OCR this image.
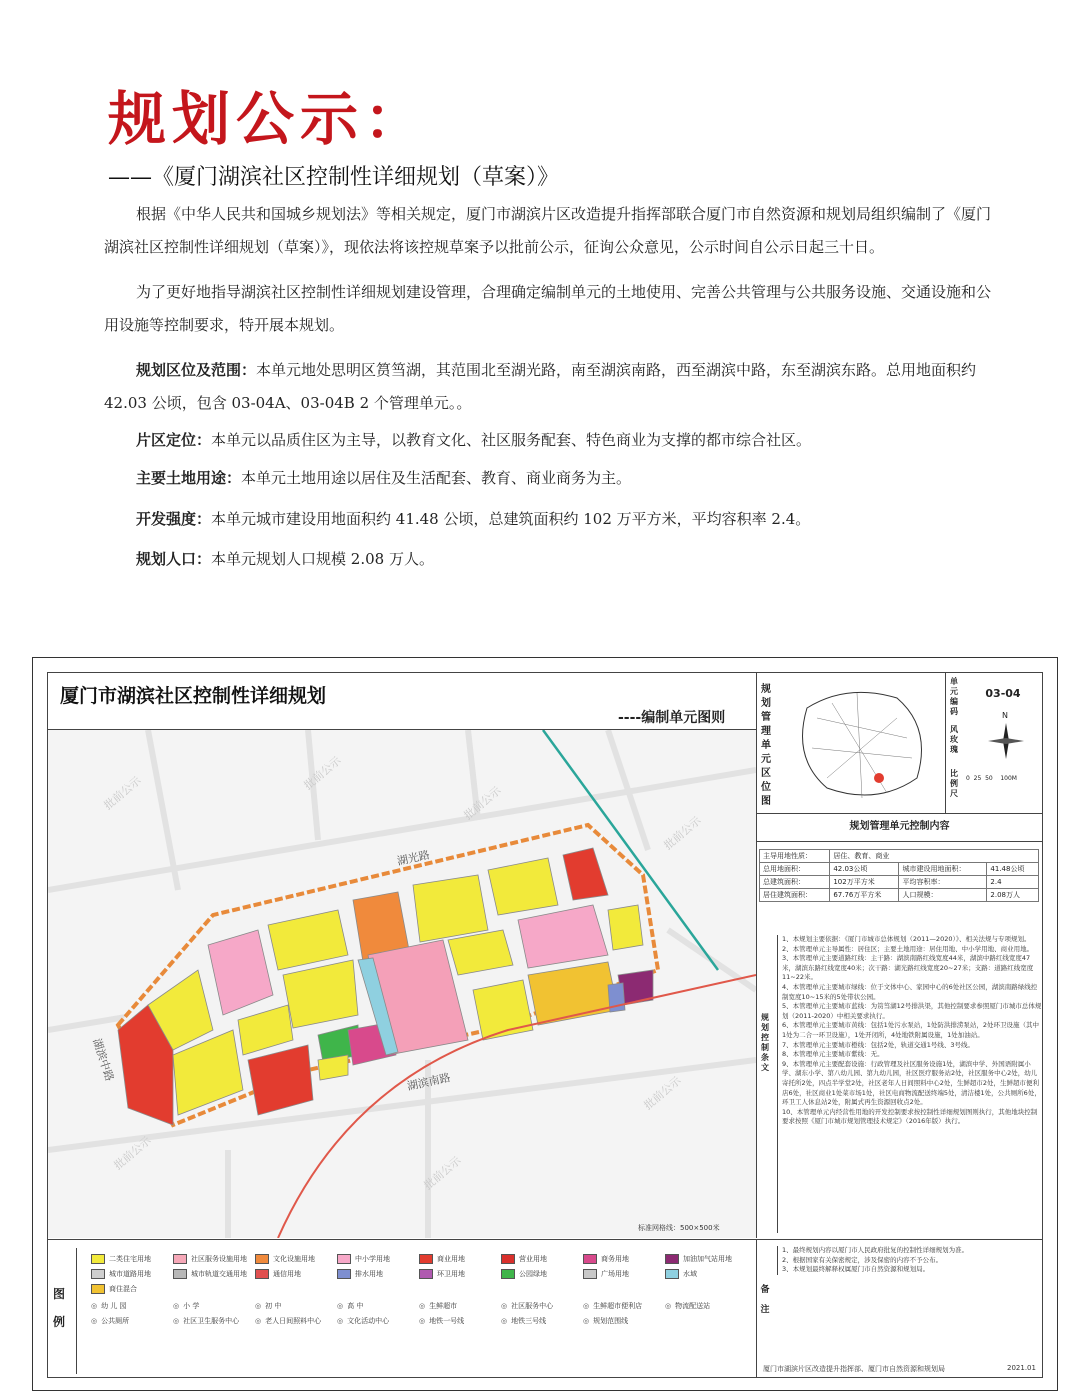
规划公示：
——《厦门湖滨社区控制性详细规划（草案）》
根据《中华人民共和国城乡规划法》等相关规定，厦门市湖滨片区改造提升指挥部联合厦门市自然资源和规划局组织编制了《厦门湖滨社区控制性详细规划（草案）》，现依法将该控规草案予以批前公示，征询公众意见，公示时间自公示日起三十日。
为了更好地指导湖滨社区控制性详细规划建设管理，合理确定编制单元的土地使用、完善公共管理与公共服务设施、交通设施和公用设施等控制要求，特开展本规划。
规划区位及范围：本单元地处思明区筼筜湖，其范围北至湖光路，南至湖滨南路，西至湖滨中路，东至湖滨东路。总用地面积约 42.03 公顷，包含 03-04A、03-04B 2 个管理单元。。
片区定位：本单元以品质住区为主导，以教育文化、社区服务配套、特色商业为支撑的都市综合社区。
主要土地用途：本单元土地用途以居住及生活配套、教育、商业商务为主。
开发强度：本单元城市建设用地面积约 41.48 公顷，总建筑面积约 102 万平方米，平均容积率 2.4。
规划人口：本单元规划人口规模 2.08 万人。
厦门市湖滨社区控制性详细规划
----编制单元图则
湖光路
湖滨南路
湖滨中路
批前公示
批前公示
批前公示
批前公示
批前公示
批前公示
批前公示
标准网格线：500×500米
规划管理单元区位图
单元编码
03-04
风玫瑰
N
比例尺
0  25  50    100M
规划管理单元控制内容
主导用地性质：	居住、教育、商业		
总用地面积：	42.03公顷	城市建设用地面积：	41.48公顷
总建筑面积：	102万平方米	平均容积率：	2.4
居住建筑面积：	67.76万平方米	人口规模：	2.08万人
规划控制条文
1、本规划主要依据：《厦门市城市总体规划（2011—2020）》、相关法规与专项规划。
2、本管理单元主导属性：居住区；主要土地用途：居住用地、中小学用地、商业用地。
3、本管理单元主要道路红线：主干路：湖滨南路红线宽度44米，湖滨中路红线宽度47米，湖滨东路红线宽度40米；次干路：湖光路红线宽度20~27米；支路：道路红线宽度11~22米。
4、本管理单元主要城市绿线：位于文体中心、家园中心的6处社区公园，湖滨南路绿线控制宽度10~15米的5处带状公园。
5、本管理单元主要城市蓝线：为筼筜湖12号排洪渠，其他控制要求参照厦门市城市总体规划（2011-2020）中相关要求执行。
6、本管理单元主要城市黄线：包括1处污水泵站，1处防洪排涝泵站，2处环卫设施（其中1处为二合一环卫设施），1处开闭所，4处地铁附属设施，1处加油站。
7、本管理单元主要城市橙线：包括2处，轨道交通1号线、3号线。
8、本管理单元主要城市紫线：无。
9、本管理单元主要配套设施：行政管理及社区服务设施1处，湖滨中学、外国语附属小学、湖东小学、第八幼儿园、第九幼儿园，社区医疗服务站2处，社区服务中心2处，幼儿寄托所2处，四点半学堂2处，社区老年人日间照料中心2处，生鲜超市2处，生鲜超市便利店6处，社区商业1处菜市场1处，社区电商物流配送终端5处，清洁楼1处，公共厕所6处，环卫工人休息站2处，附属式再生资源回收点2处。
10、本管理单元内经营性用地的开发控制要求按控制性详细规划图则执行，其他地块控制要求按照《厦门市城市规划管理技术规定》（2016年版）执行。
图例
二类住宅用地	社区服务设施用地	文化设施用地	中小学用地	商业用地	营业用地	商务用地	加油加气站用地
城市道路用地	城市轨道交通用地	通信用地	排水用地	环卫用地	公园绿地	广场用地	水域
商住混合
◎ 幼 儿 园	◎ 小 学	◎ 初 中	◎ 高 中	◎ 生鲜超市	◎ 社区服务中心	◎ 生鲜超市便利店	◎ 物流配送站
◎ 公共厕所	◎ 社区卫生服务中心 ◎ 老人日间照料中心 ◎ 文化活动中心	◎ 地铁一号线	◎ 地铁三号线	◎ 规划范围线
备注
1、最终规划内容以厦门市人民政府批复的控制性详细规划为准。
2、根据国家有关保密规定，涉及保密的内容不予公布。
3、本规划最终解释权属厦门市自然资源和规划局。
厦门市湖滨片区改造提升指挥部、厦门市自然资源和规划局	2021.01
